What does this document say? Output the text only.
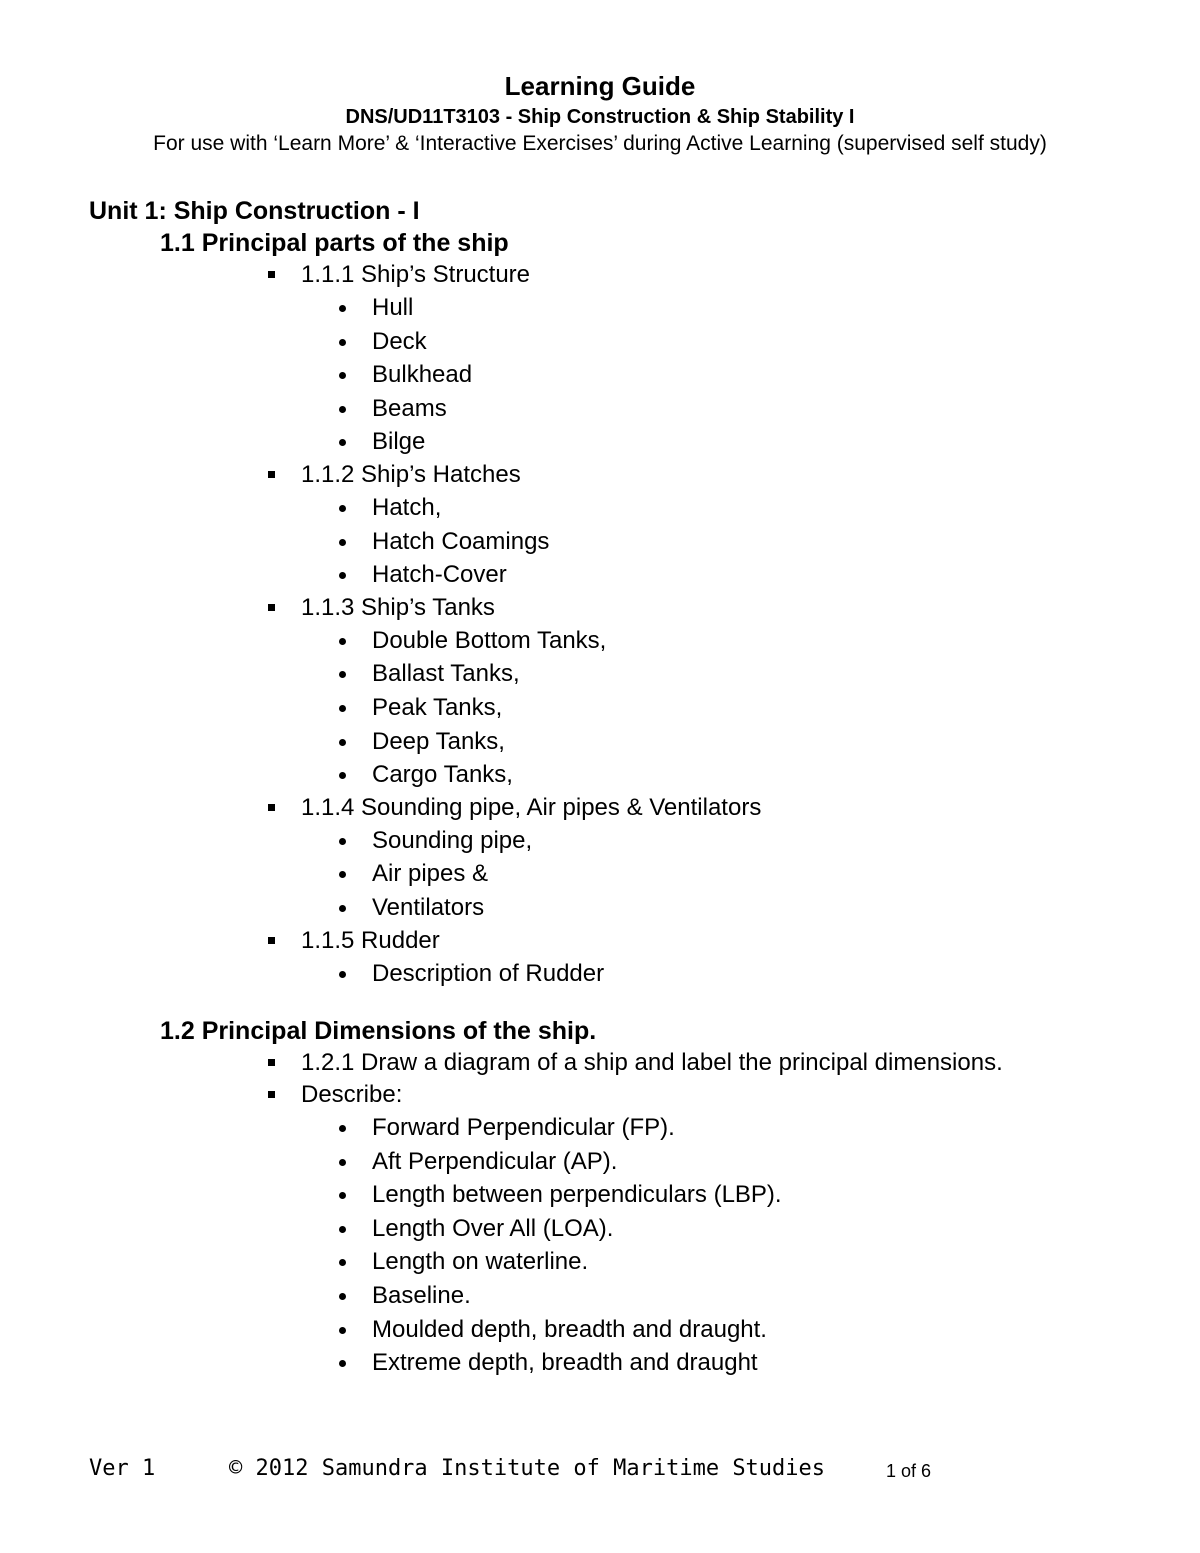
Learning Guide
DNS/UD11T3103 - Ship Construction & Ship Stability I
For use with ‘Learn More’ & ‘Interactive Exercises’ during Active Learning (supervised self study)
Unit 1: Ship Construction - I
1.1 Principal parts of the ship
1.1.1 Ship’s Structure
Hull
Deck
Bulkhead
Beams
Bilge
1.1.2 Ship’s Hatches
Hatch,
Hatch Coamings
Hatch-Cover
1.1.3 Ship’s Tanks
Double Bottom Tanks,
Ballast Tanks,
Peak Tanks,
Deep Tanks,
Cargo Tanks,
1.1.4 Sounding pipe, Air pipes & Ventilators
Sounding pipe,
Air pipes &
Ventilators
1.1.5 Rudder
Description of Rudder
1.2 Principal Dimensions of the ship.
1.2.1 Draw a diagram of a ship and label the principal dimensions.
Describe:
Forward Perpendicular (FP).
Aft Perpendicular (AP).
Length between perpendiculars (LBP).
Length Over All (LOA).
Length on waterline.
Baseline.
Moulded depth, breadth and draught.
Extreme depth, breadth and draught
Ver 1	© 2012 Samundra Institute of Maritime Studies	1 of 6
